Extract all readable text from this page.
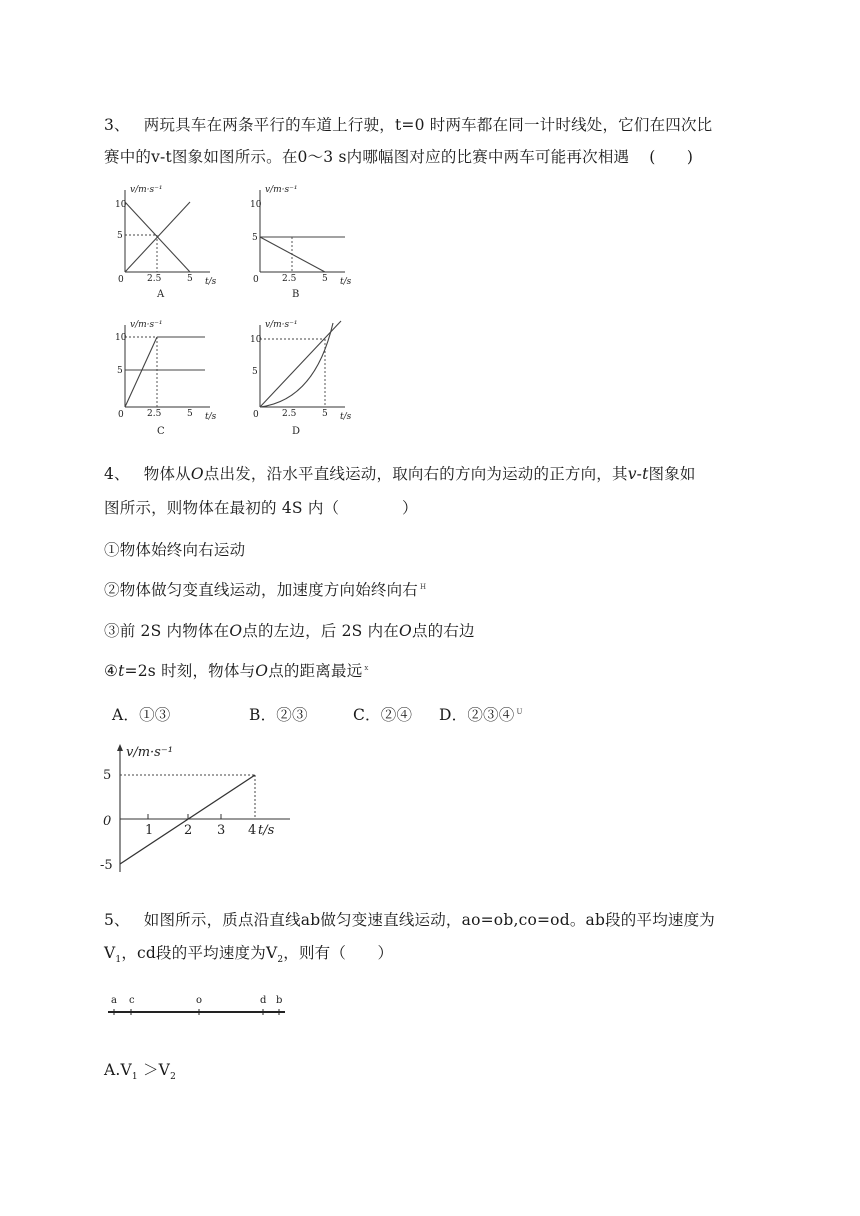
3、 两玩具车在两条平行的车道上行驶，t=0 时两车都在同一计时线处，它们在四次比
赛中的v-t图象如图所示。在0～3 s内哪幅图对应的比赛中两车可能再次相遇 (　　)
v/m·s⁻¹
10
5
0	2.5	5 t/s
A
v/m·s⁻¹
10
5
0	2.5	5 t/s
B
v/m·s⁻¹
10
5
0	2.5	5 t/s
C
v/m·s⁻¹
10
5
0	2.5	5 t/s
D
4、 物体从O点出发，沿水平直线运动，取向右的方向为运动的正方向，其v-t图象如
图所示，则物体在最初的 4S 内（　　　　）
①物体始终向右运动
②物体做匀变直线运动，加速度方向始终向右 $^H$
③前 2S 内物体在O点的左边，后 2S 内在O点的右边
④t=2s 时刻，物体与O点的距离最远 $^x$
A．①③	B．②③	C．②④ D．②③④ $^U$
v/m·s⁻¹
5
0
-5
1 2 3 4 t/s
5、 如图所示，质点沿直线ab做匀变速直线运动，ao=ob,co=od。ab段的平均速度为
$V_1$，cd段的平均速度为$V_2$，则有（　　）
a c	o	d b
$A.V_1 >V_2$
